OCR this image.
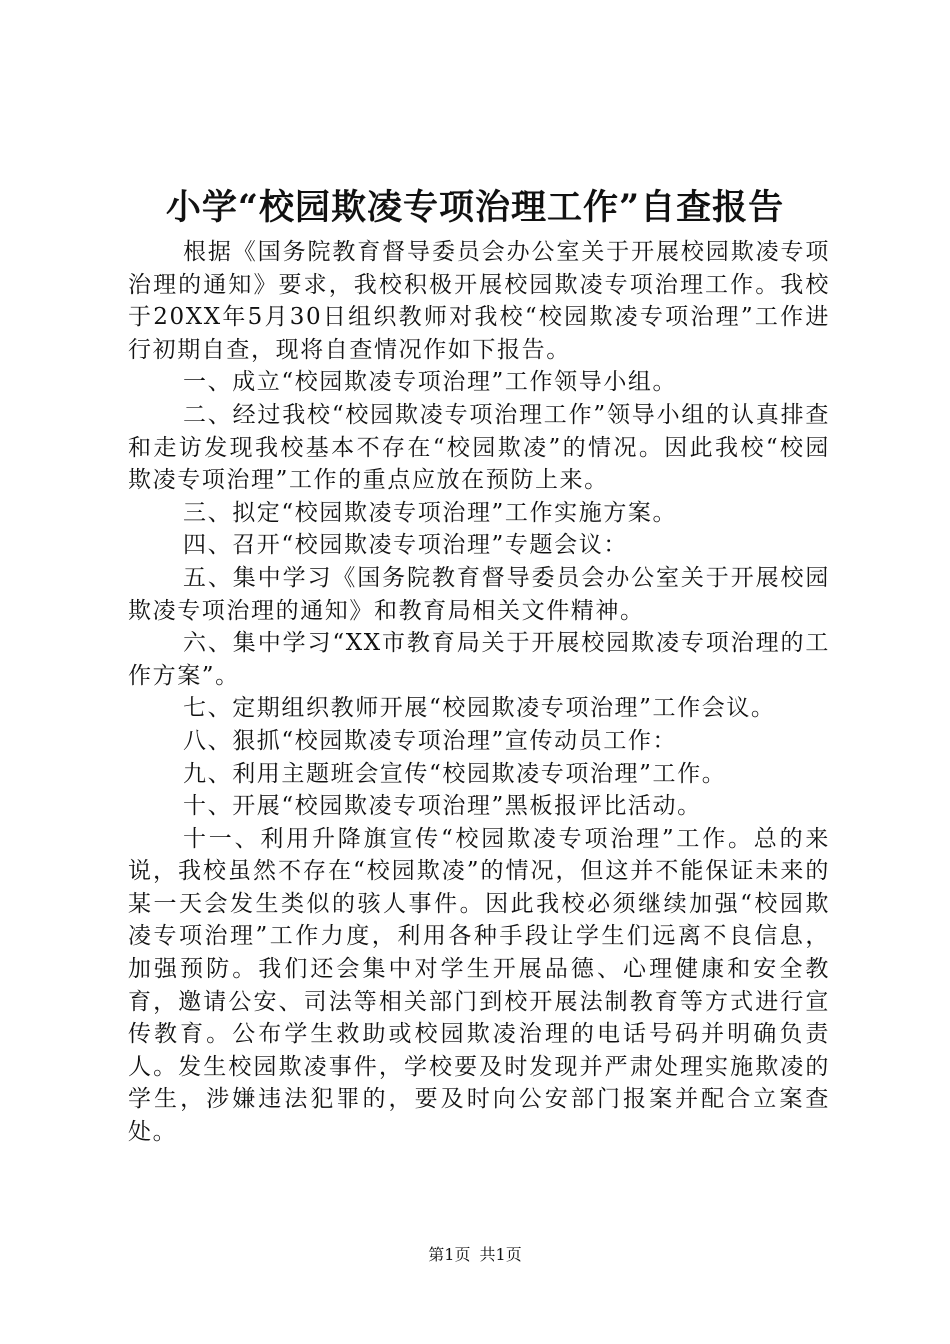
小学“校园欺凌专项治理工作”自查报告

根据《国务院教育督导委员会办公室关于开展校园欺凌专项治理的通知》要求，我校积极开展校园欺凌专项治理工作。我校于20XX年5月30日组织教师对我校“校园欺凌专项治理”工作进行初期自查，现将自查情况作如下报告。

一、成立“校园欺凌专项治理”工作领导小组。

二、经过我校“校园欺凌专项治理工作”领导小组的认真排查和走访发现我校基本不存在“校园欺凌”的情况。因此我校“校园欺凌专项治理”工作的重点应放在预防上来。

三、拟定“校园欺凌专项治理”工作实施方案。

四、召开“校园欺凌专项治理”专题会议：

五、集中学习《国务院教育督导委员会办公室关于开展校园欺凌专项治理的通知》和教育局相关文件精神。

六、集中学习“XX市教育局关于开展校园欺凌专项治理的工作方案”。

七、定期组织教师开展“校园欺凌专项治理”工作会议。

八、狠抓“校园欺凌专项治理”宣传动员工作：

九、利用主题班会宣传“校园欺凌专项治理”工作。

十、开展“校园欺凌专项治理”黑板报评比活动。

十一、利用升降旗宣传“校园欺凌专项治理”工作。总的来说，我校虽然不存在“校园欺凌”的情况，但这并不能保证未来的某一天会发生类似的骇人事件。因此我校必须继续加强“校园欺凌专项治理”工作力度，利用各种手段让学生们远离不良信息，加强预防。我们还会集中对学生开展品德、心理健康和安全教育，邀请公安、司法等相关部门到校开展法制教育等方式进行宣传教育。公布学生救助或校园欺凌治理的电话号码并明确负责人。发生校园欺凌事件，学校要及时发现并严肃处理实施欺凌的学生，涉嫌违法犯罪的，要及时向公安部门报案并配合立案查处。

第1页 共1页
